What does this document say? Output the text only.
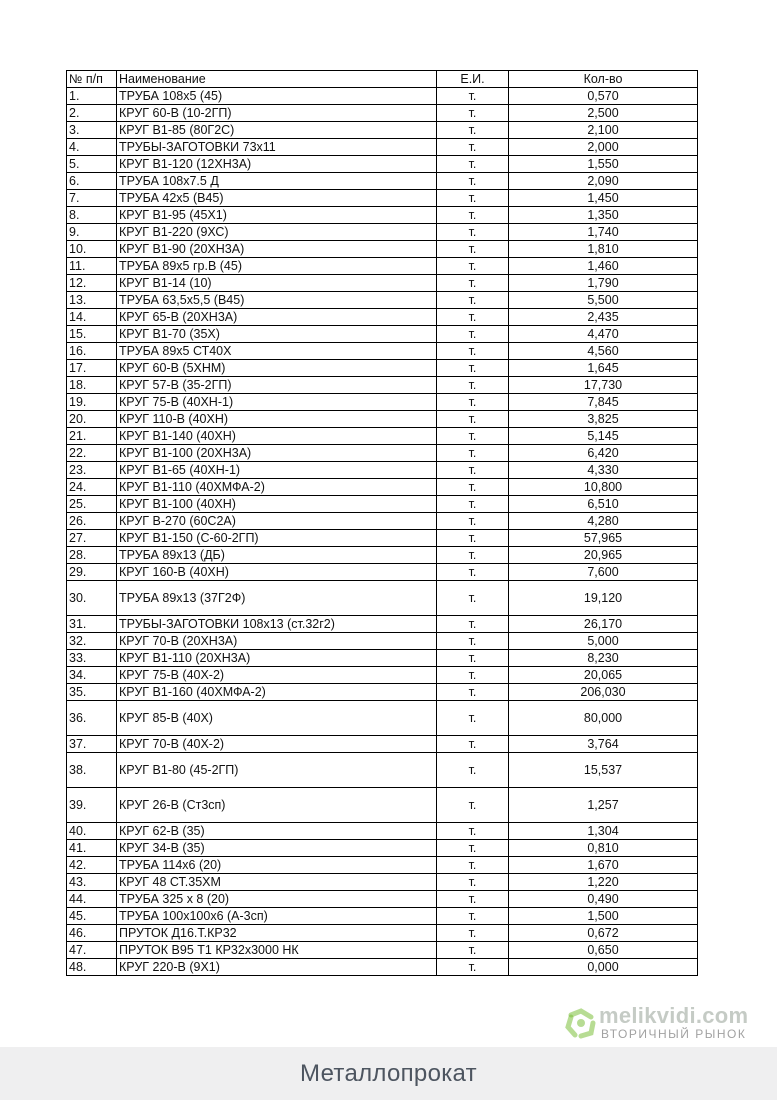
№ п/п	Наименование	Е.И.	Кол-во
1.	ТРУБА 108х5 (45)	т.	0,570
2.	КРУГ 60-В (10-2ГП)	т.	2,500
3.	КРУГ В1-85 (80Г2С)	т.	2,100
4.	ТРУБЫ-ЗАГОТОВКИ 73х11	т.	2,000
5.	КРУГ В1-120 (12ХН3А)	т.	1,550
6.	ТРУБА 108х7.5 Д	т.	2,090
7.	ТРУБА 42х5 (В45)	т.	1,450
8.	КРУГ В1-95 (45Х1)	т.	1,350
9.	КРУГ В1-220 (9ХС)	т.	1,740
10.	КРУГ В1-90 (20ХН3А)	т.	1,810
11.	ТРУБА 89х5 гр.В (45)	т.	1,460
12.	КРУГ В1-14 (10)	т.	1,790
13.	ТРУБА 63,5х5,5 (В45)	т.	5,500
14.	КРУГ 65-В (20ХН3А)	т.	2,435
15.	КРУГ В1-70 (35Х)	т.	4,470
16.	ТРУБА 89х5 СТ40Х	т.	4,560
17.	КРУГ 60-В (5ХНМ)	т.	1,645
18.	КРУГ 57-В (35-2ГП)	т.	17,730
19.	КРУГ 75-В (40ХН-1)	т.	7,845
20.	КРУГ 110-В (40ХН)	т.	3,825
21.	КРУГ В1-140 (40ХН)	т.	5,145
22.	КРУГ В1-100 (20ХН3А)	т.	6,420
23.	КРУГ В1-65 (40ХН-1)	т.	4,330
24.	КРУГ В1-110 (40ХМФА-2)	т.	10,800
25.	КРУГ В1-100 (40ХН)	т.	6,510
26.	КРУГ В-270 (60С2А)	т.	4,280
27.	КРУГ В1-150 (С-60-2ГП)	т.	57,965
28.	ТРУБА 89х13 (ДБ)	т.	20,965
29.	КРУГ 160-В (40ХН)	т.	7,600
30.	ТРУБА 89х13 (37Г2Ф)	т.	19,120
31.	ТРУБЫ-ЗАГОТОВКИ 108х13 (ст.32г2)	т.	26,170
32.	КРУГ 70-В (20ХН3А)	т.	5,000
33.	КРУГ В1-110 (20ХН3А)	т.	8,230
34.	КРУГ 75-В (40Х-2)	т.	20,065
35.	КРУГ В1-160 (40ХМФА-2)	т.	206,030
36.	КРУГ 85-В (40Х)	т.	80,000
37.	КРУГ 70-В (40Х-2)	т.	3,764
38.	КРУГ В1-80 (45-2ГП)	т.	15,537
39.	КРУГ 26-В (Ст3сп)	т.	1,257
40.	КРУГ 62-В (35)	т.	1,304
41.	КРУГ 34-В (35)	т.	0,810
42.	ТРУБА 114х6 (20)	т.	1,670
43.	КРУГ 48 СТ.35ХМ	т.	1,220
44.	ТРУБА 325 х 8 (20)	т.	0,490
45.	ТРУБА 100х100х6 (А-3сп)	т.	1,500
46.	ПРУТОК Д16.Т.КР32	т.	0,672
47.	ПРУТОК В95 Т1 КР32х3000 НК	т.	0,650
48.	КРУГ 220-В (9Х1)	т.	0,000
melikvidi.com
ВТОРИЧНЫЙ РЫНОК
Металлопрокат
